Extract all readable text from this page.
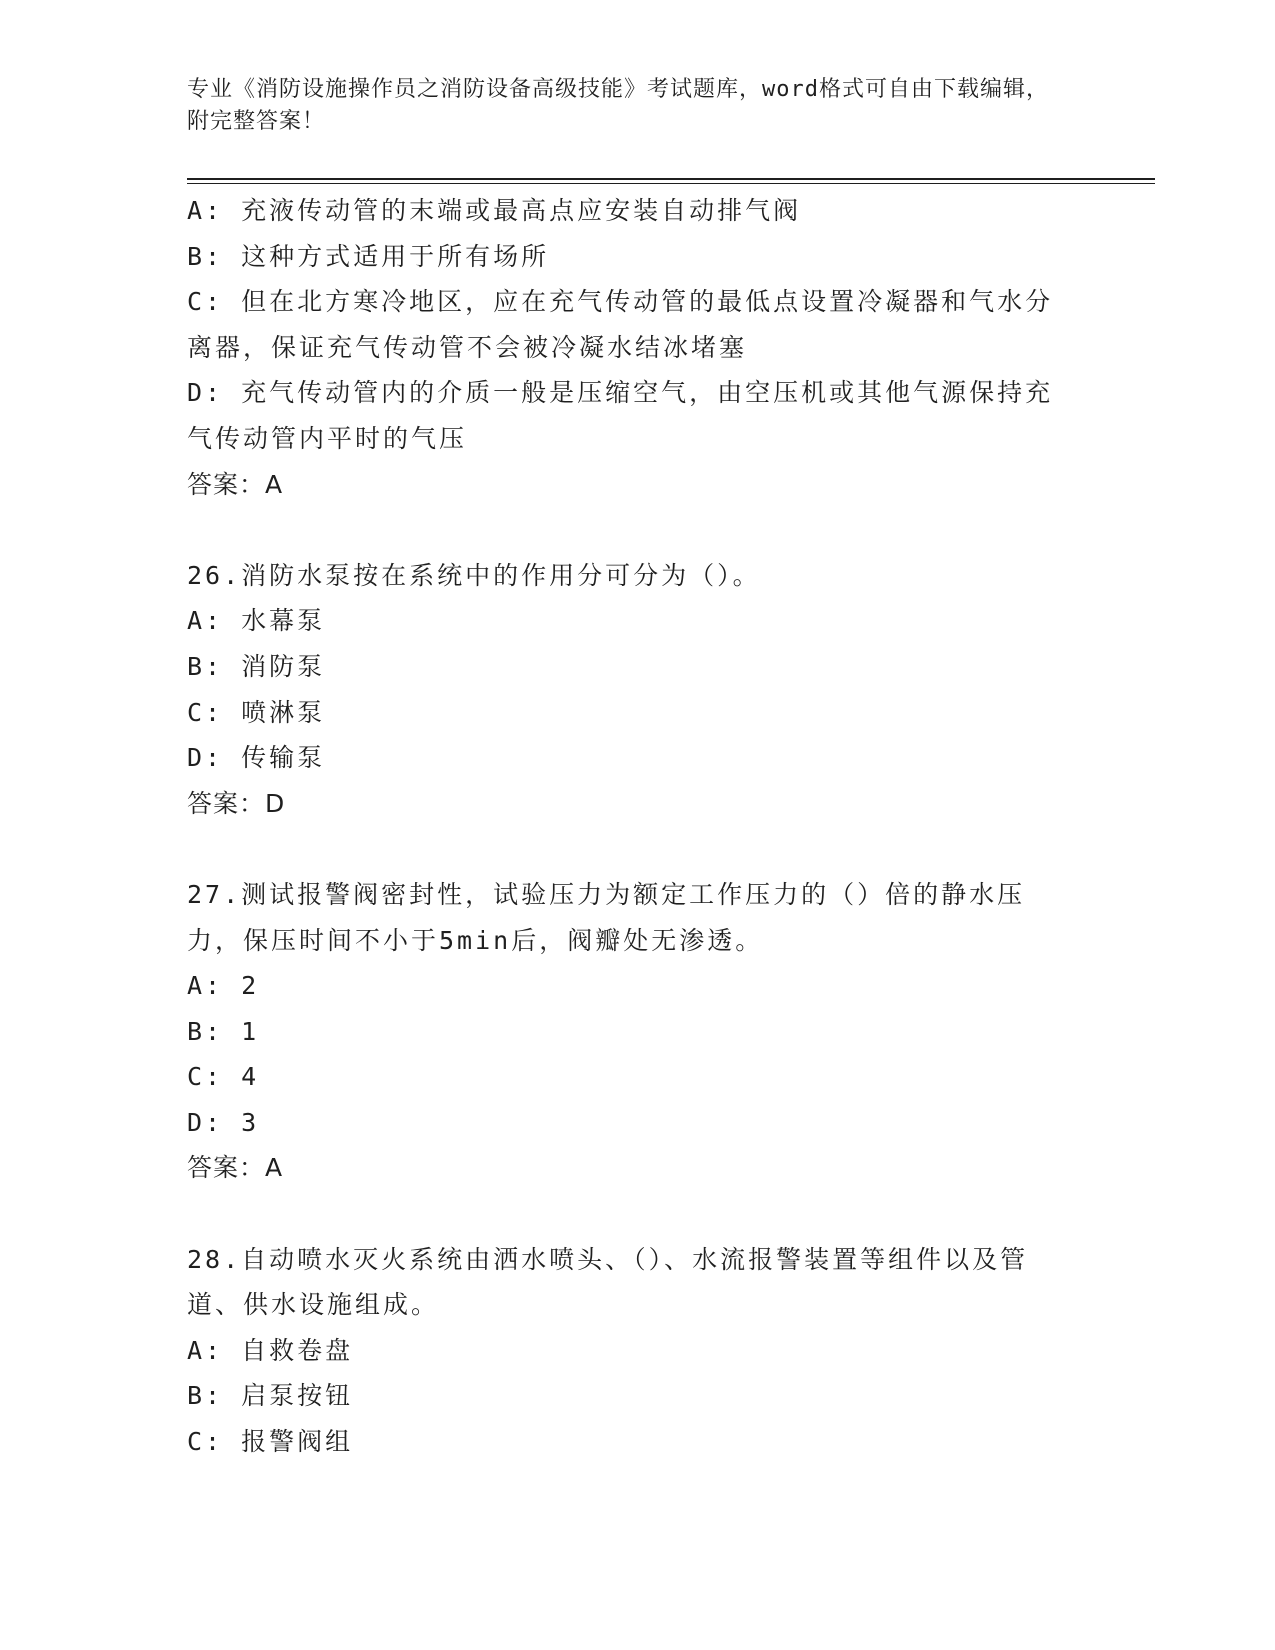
专业《消防设施操作员之消防设备高级技能》考试题库，word格式可自由下载编辑，附完整答案！
A: 充液传动管的末端或最高点应安装自动排气阀
B: 这种方式适用于所有场所
C: 但在北方寒冷地区，应在充气传动管的最低点设置冷凝器和气水分离器，保证充气传动管不会被冷凝水结冰堵塞
D: 充气传动管内的介质一般是压缩空气，由空压机或其他气源保持充气传动管内平时的气压
答案：A
26.消防水泵按在系统中的作用分可分为（）。
A: 水幕泵
B: 消防泵
C: 喷淋泵
D: 传输泵
答案：D
27.测试报警阀密封性，试验压力为额定工作压力的（）倍的静水压力，保压时间不小于5min后，阀瓣处无渗透。
A: 2
B: 1
C: 4
D: 3
答案：A
28.自动喷水灭火系统由洒水喷头、（）、水流报警装置等组件以及管道、供水设施组成。
A: 自救卷盘
B: 启泵按钮
C: 报警阀组
